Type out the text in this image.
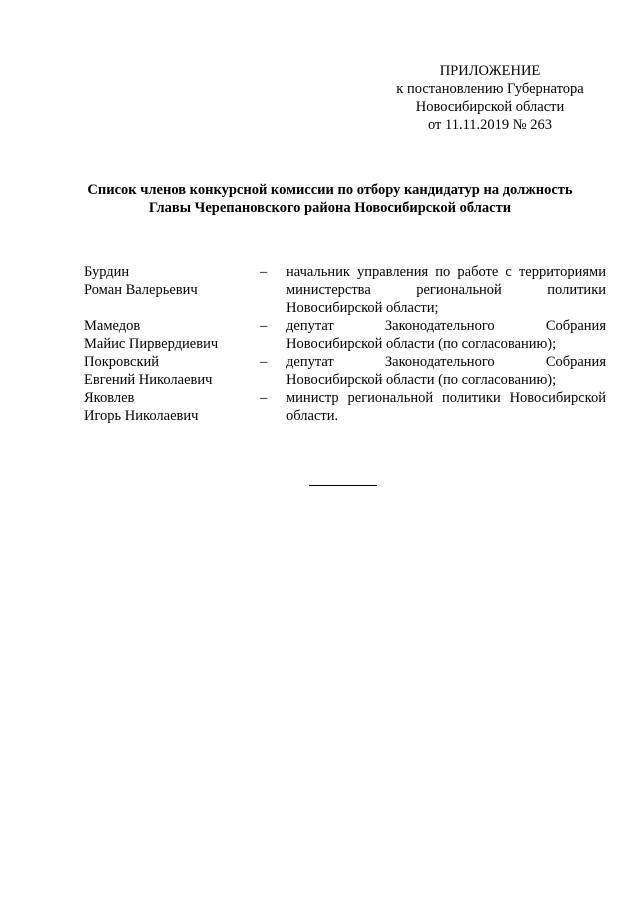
ПРИЛОЖЕНИЕ
к постановлению Губернатора
Новосибирской области
от 11.11.2019 № 263
Список членов конкурсной комиссии по отбору кандидатур на должность
Главы Черепановского района Новосибирской области
Бурдин
Роман Валерьевич
–	начальник управления по работе с территориями министерства региональной политики Новосибирской области;
Мамедов
Майис Пирвердиевич
–	депутат Законодательного Собрания Новосибирской области (по согласованию);
Покровский
Евгений Николаевич
–	депутат Законодательного Собрания Новосибирской области (по согласованию);
Яковлев
Игорь Николаевич
–	министр региональной политики Новосибирской области.
